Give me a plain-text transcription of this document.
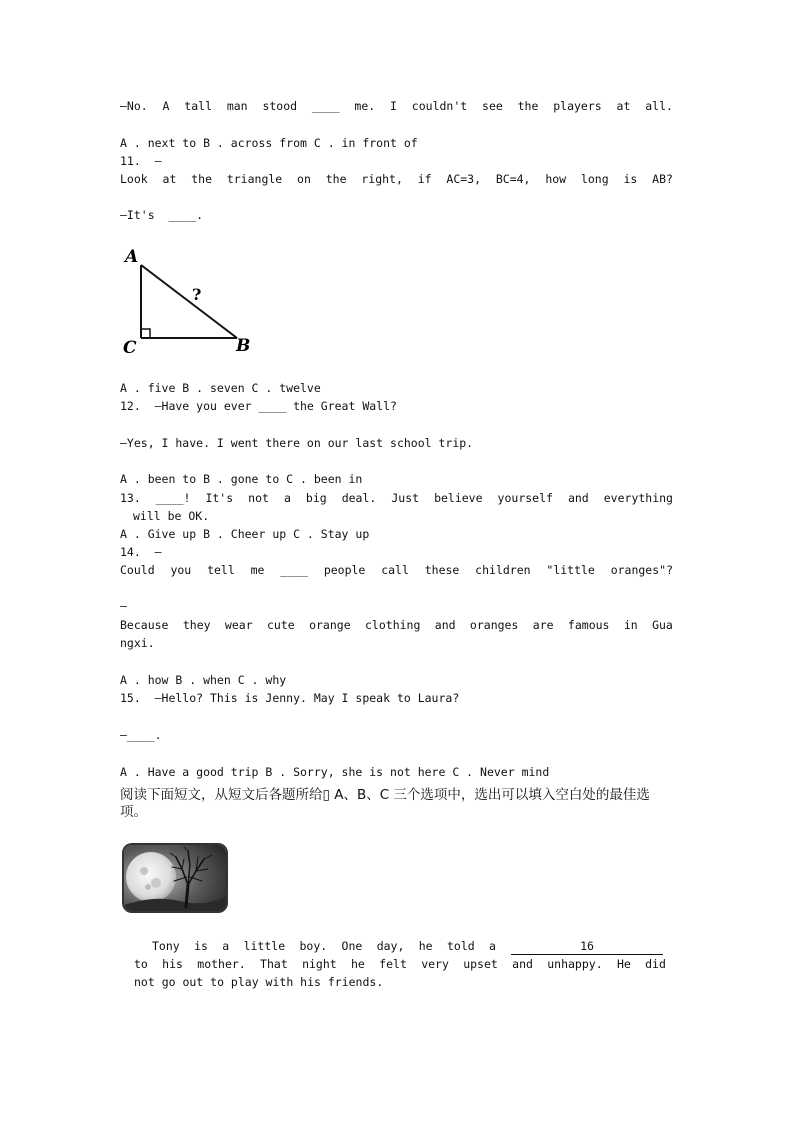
—No. A tall man stood ____ me. I couldn't see the players at all.
A . next to B . across from C . in front of
11.  —
Look at the triangle on the right, if AC=3, BC=4, how long is AB?
—It's  ____.
A
?
C	B
A . five B . seven C . twelve
12.  —Have you ever ____ the Great Wall?
—Yes, I have. I went there on our last school trip.
A . been to B . gone to C . been in
13. ____! It's not a big deal. Just believe yourself and everything
will be OK.
A . Give up B . Cheer up C . Stay up
14.  —
Could you tell me ____ people call these children "little oranges"?
—
Because they wear cute orange clothing and oranges are famous in Gua
ngxi.
A . how B . when C . why
15.  —Hello? This is Jenny. May I speak to Laura?
—____.
A . Have a good trip B . Sorry, she is not here C . Never mind
阅读下面短文，从短文后各题所给▯ A、B、C 三个选项中，选出可以填入空白处的最佳选
项。
Tony is a little boy. One day, he told a	16
to his mother. That night he felt very upset and unhappy. He did
not go out to play with his friends.
